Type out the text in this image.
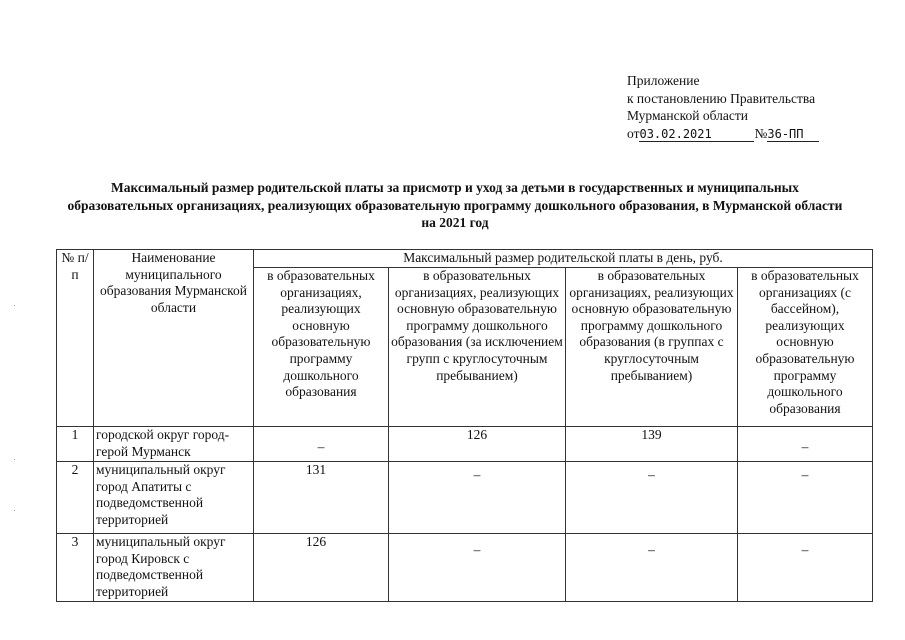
Приложение
к постановлению Правительства
Мурманской области
от03.02.2021	№36-ПП
Максимальный размер родительской платы за присмотр и уход за детьми в государственных и муниципальных образовательных организациях, реализующих образовательную программу дошкольного образования, в Мурманской области на 2021 год
№ п/п	Наименование муниципального образования Мурманской области	Максимальный размер родительской платы в день, руб.			
		в образовательных организациях, реализующих основную образовательную программу дошкольного образования	в образовательных организациях, реализующих основную образовательную программу дошкольного образования (за исключением групп с круглосуточным пребыванием)	в образовательных организациях, реализующих основную образовательную программу дошкольного образования (в группах с круглосуточным пребыванием)	в образовательных организациях (с бассейном), реализующих основную образовательную программу дошкольного образования
1	городской округ город-герой Мурманск	–	126	139	–
2	муниципальный округ город Апатиты с подведомственной территорией	131	–	–	–
3	муниципальный округ город Кировск с подведомственной территорией	126	–	–	–
